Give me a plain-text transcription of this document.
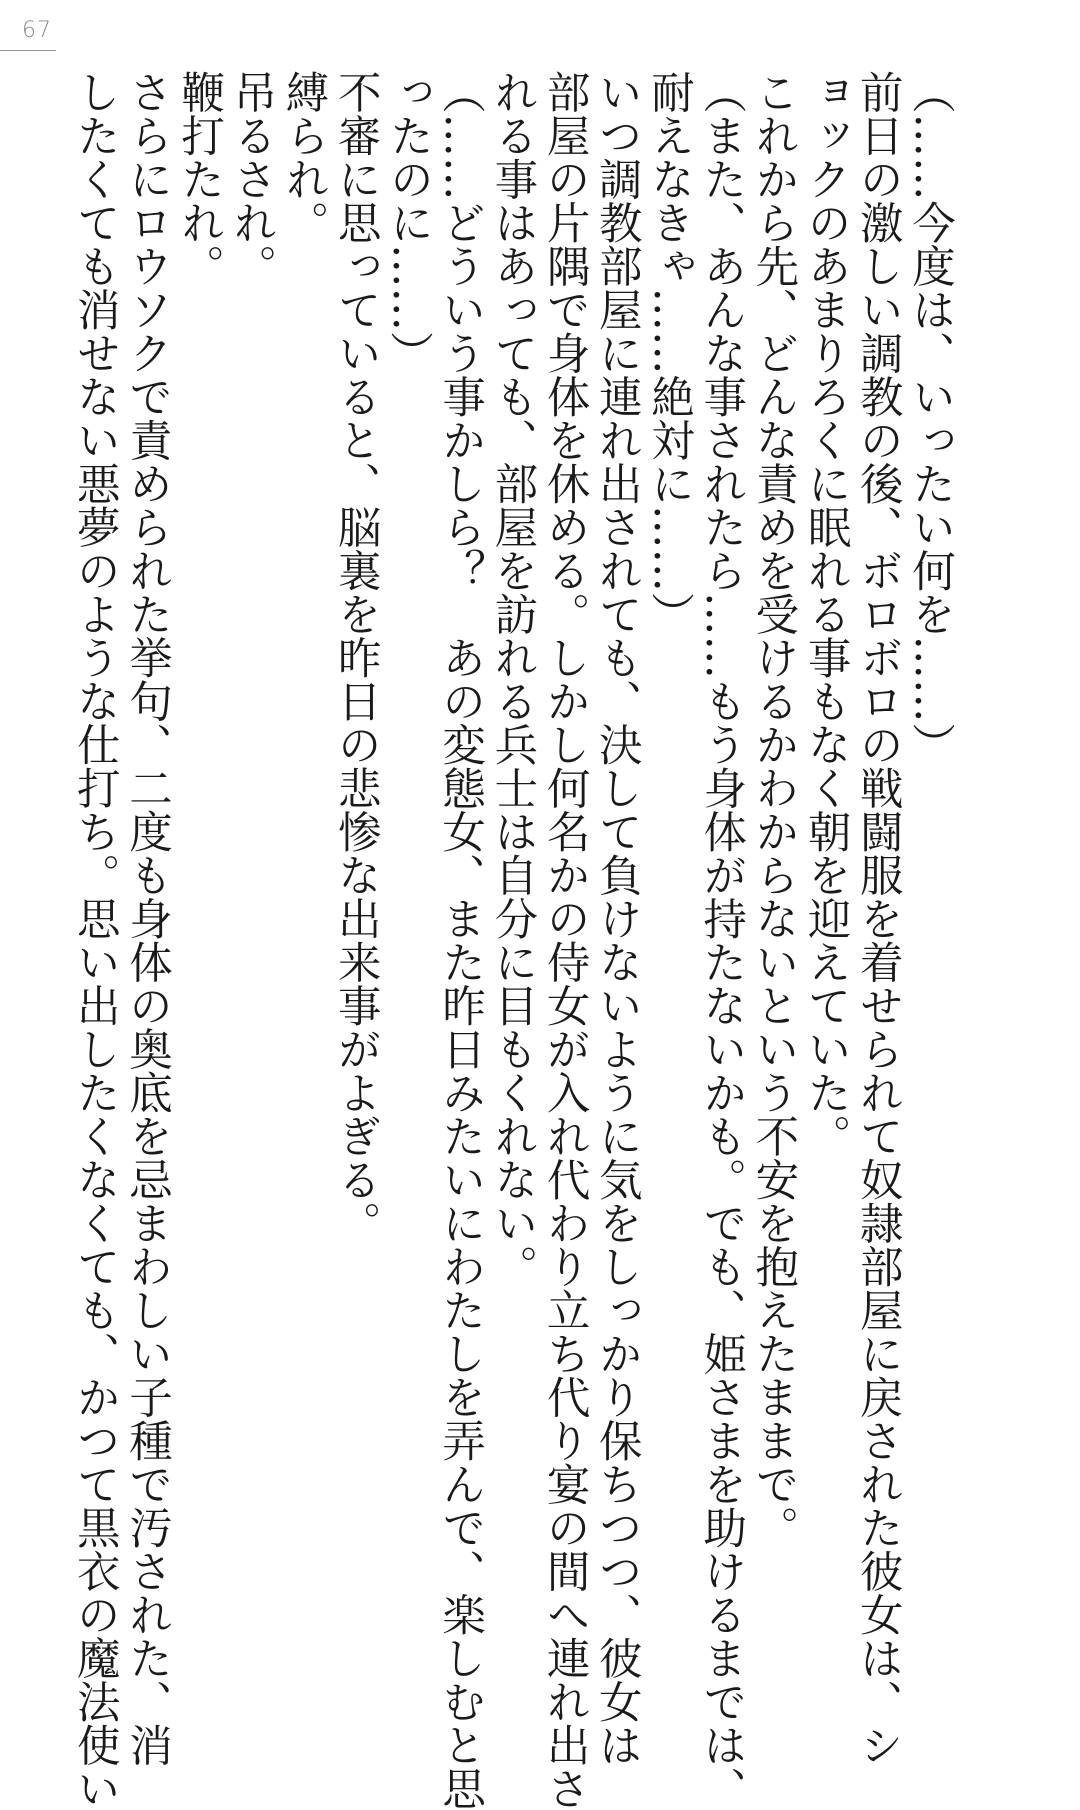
67

（……今度は、いったい何を……）

前日の激しい調教の後、ボロボロの戦闘服を着せられて奴隷部屋に戻された彼女は、シ

ョックのあまりろくに眠れる事もなく朝を迎えていた。

これから先、どんな責めを受けるかわからないという不安を抱えたままで。

（また、あんな事されたら……もう身体が持たないかも。でも、姫さまを助けるまでは、

耐えなきゃ……絶対に……）

いつ調教部屋に連れ出されても、決して負けないように気をしっかり保ちつつ、彼女は

部屋の片隅で身体を休める。しかし何名かの侍女が入れ代わり立ち代り宴の間へ連れ出さ

れる事はあっても、部屋を訪れる兵士は自分に目もくれない。

（……どういう事かしら？　あの変態女、また昨日みたいにわたしを弄んで、楽しむと思

ったのに……）

不審に思っていると、脳裏を昨日の悲惨な出来事がよぎる。

縛られ。

吊るされ。

鞭打たれ。

さらにロウソクで責められた挙句、二度も身体の奥底を忌まわしい子種で汚された、消

したくても消せない悪夢のような仕打ち。思い出したくなくても、かつて黒衣の魔法使い
